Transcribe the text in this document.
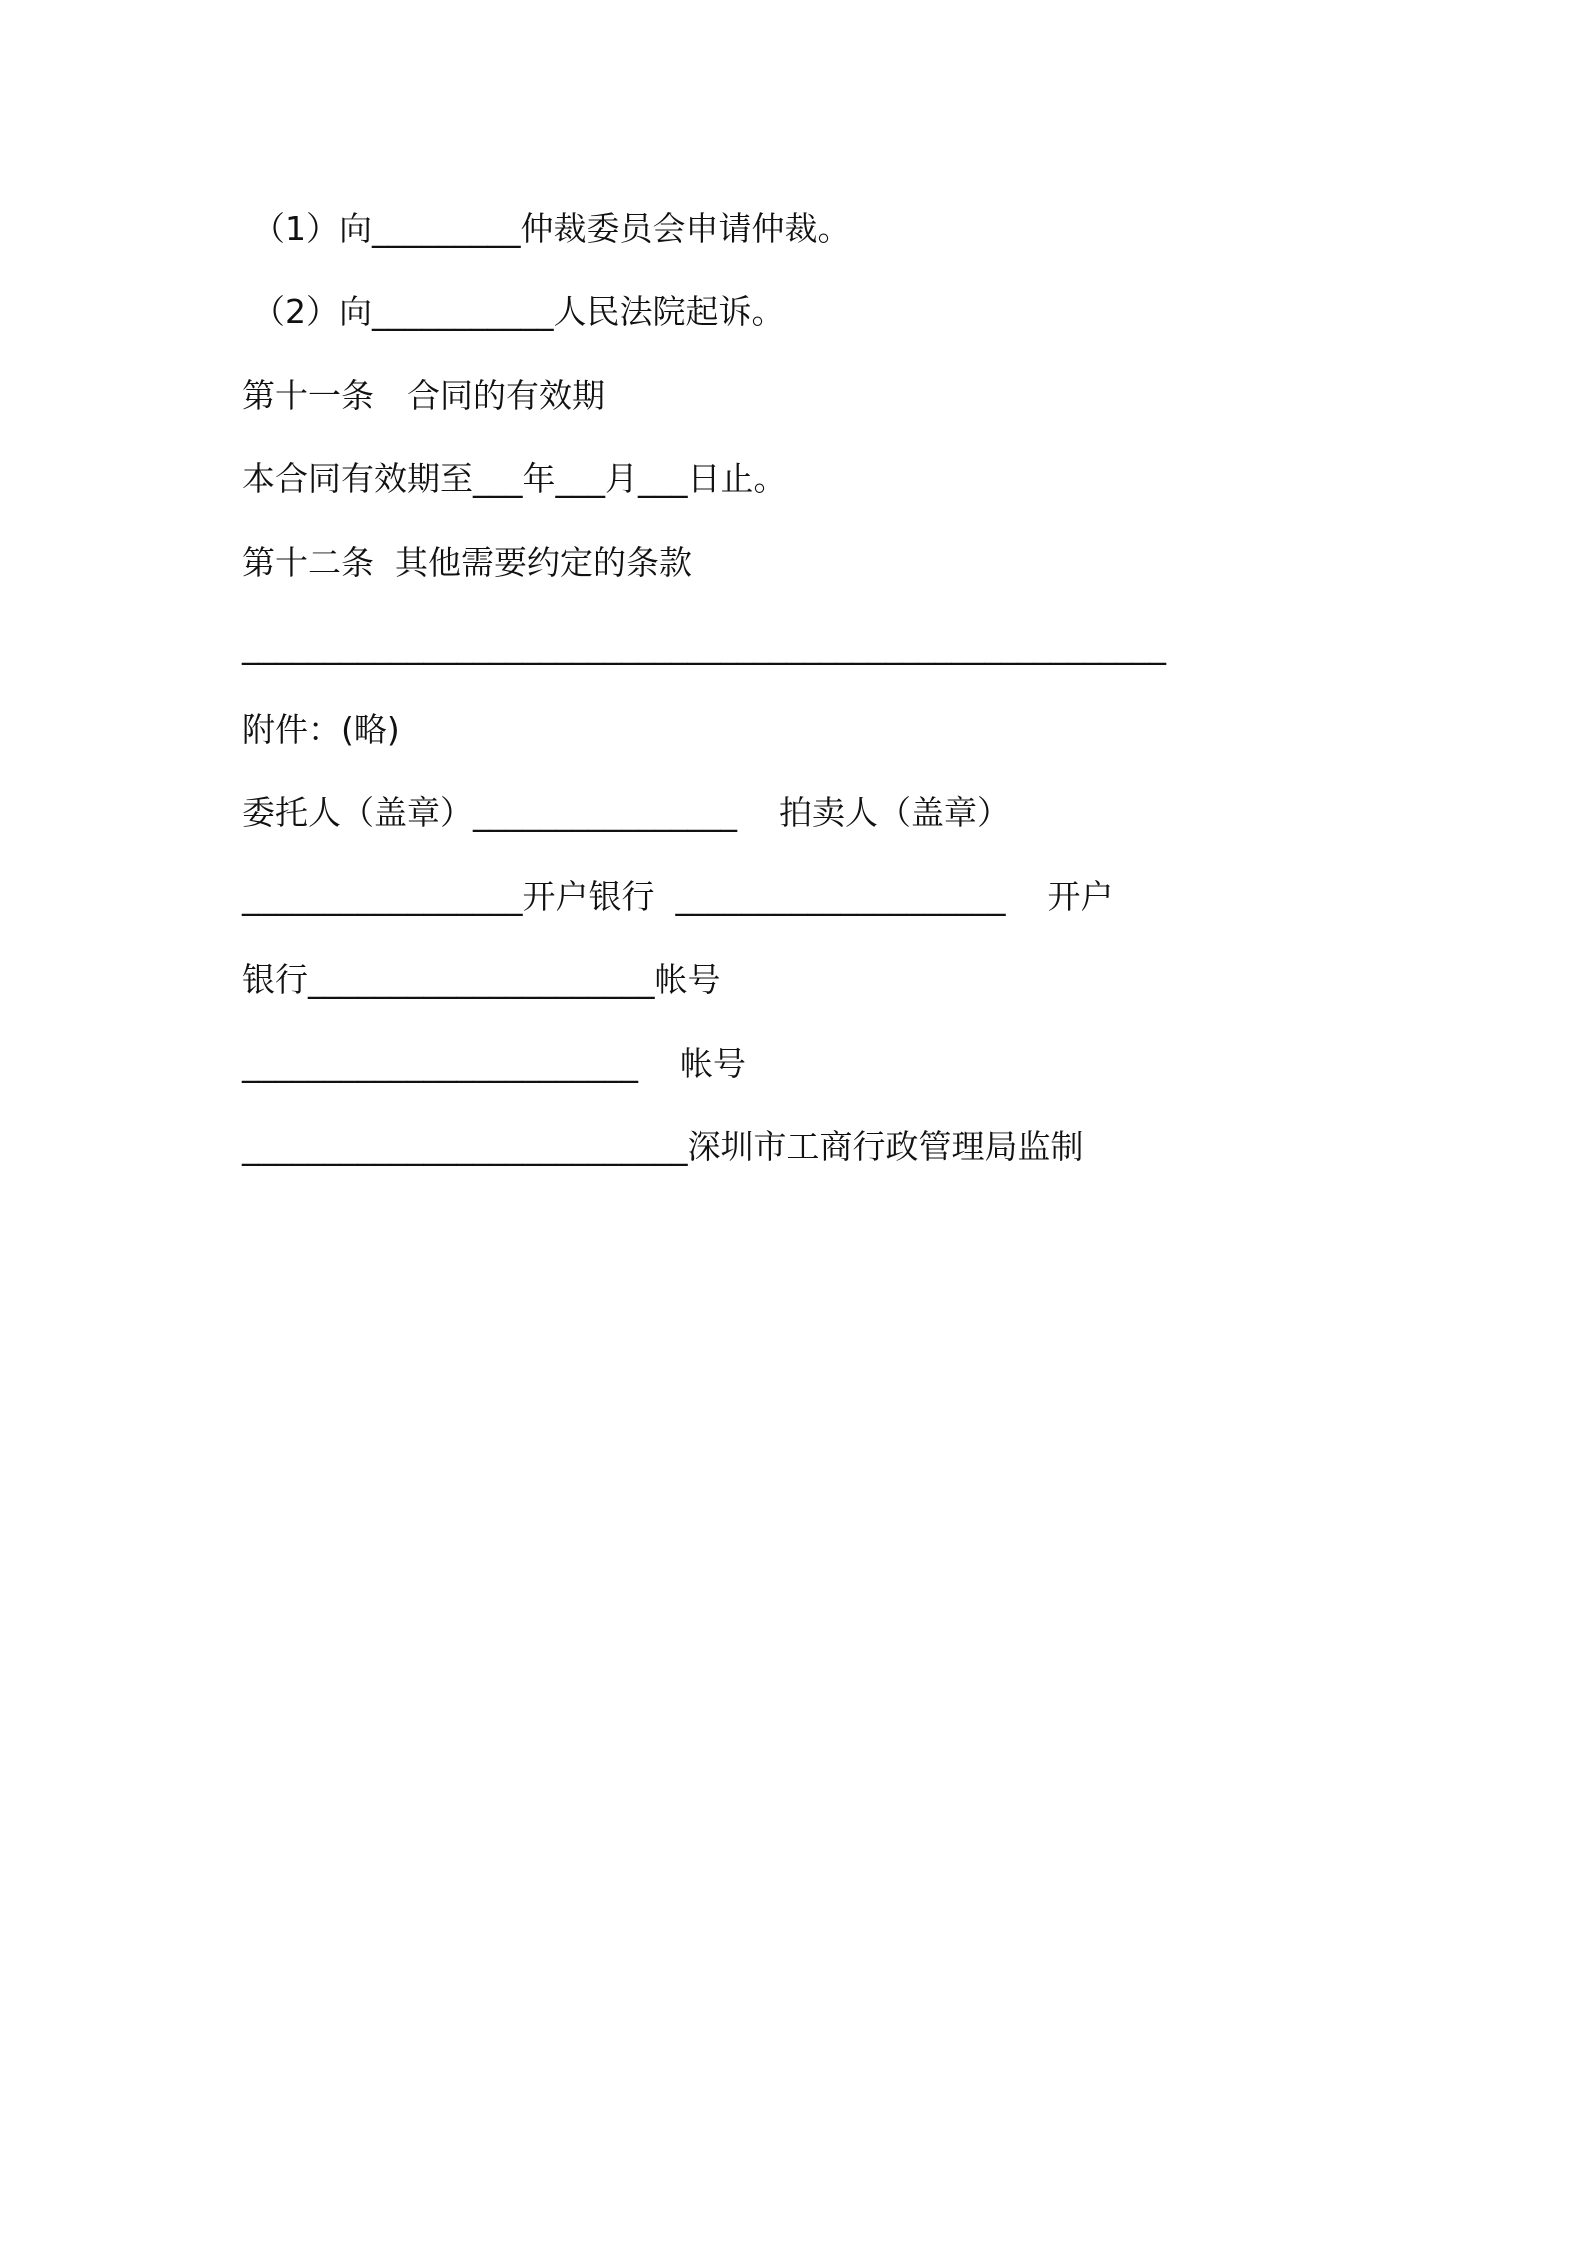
（1）向_________仲裁委员会申请仲裁。
（2）向___________人民法院起诉。
第十一条　合同的有效期
本合同有效期至___年___月___日止。
第十二条  其他需要约定的条款
________________________________________________________
附件：(略)
委托人（盖章）________________    拍卖人（盖章）
_________________开户银行  ____________________    开户
银行_____________________帐号
________________________    帐号
___________________________深圳市工商行政管理局监制
